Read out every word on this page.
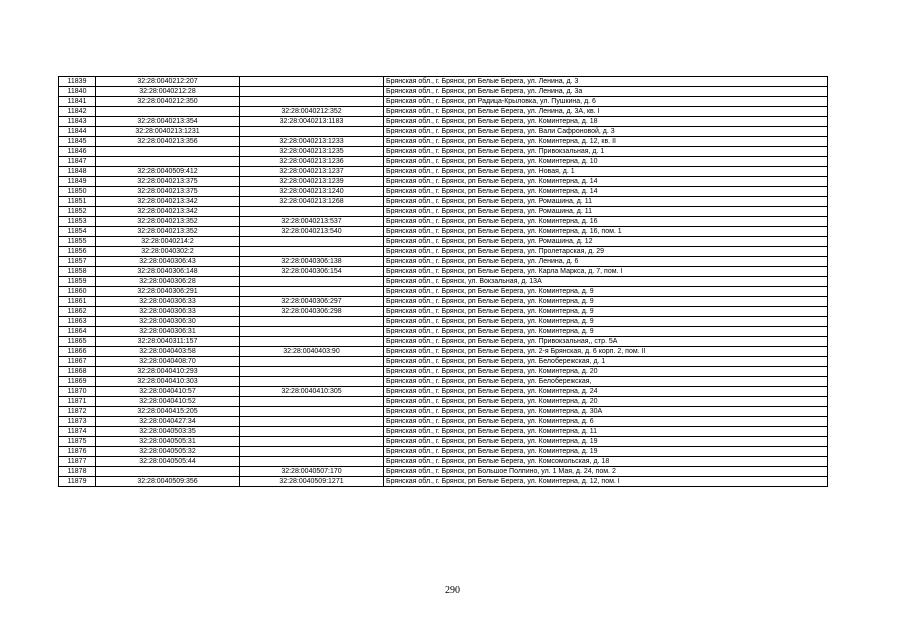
11839	32:28:0040212:207		Брянская обл., г. Брянск, рп Белые Берега, ул. Ленина, д. 3
11840	32:28:0040212:28		Брянская обл., г. Брянск, рп Белые Берега, ул. Ленина, д. 3а
11841	32:28:0040212:350		Брянская обл., г. Брянск, рп Радица-Крыловка, ул. Пушкина, д. 6
11842		32:28:0040212:352	Брянская обл., г. Брянск, рп Белые Берега, ул. Ленина, д. 3А, кв. I
11843	32:28:0040213:354	32:28:0040213:1183	Брянская обл., г. Брянск, рп Белые Берега, ул. Коминтерна, д. 18
11844	32:28:0040213:1231		Брянская обл., г. Брянск, рп Белые Берега, ул. Вали Сафроновой, д. 3
11845	32:28:0040213:356	32:28:0040213:1233	Брянская обл., г. Брянск, рп Белые Берега, ул. Коминтерна, д. 12, кв. II
11846		32:28:0040213:1235	Брянская обл., г. Брянск, рп Белые Берега, ул. Привокзальная, д. 1
11847		32:28:0040213:1236	Брянская обл., г. Брянск, рп Белые Берега, ул. Коминтерна, д. 10
11848	32:28:0040509:412	32:28:0040213:1237	Брянская обл., г. Брянск, рп Белые Берега, ул. Новая, д. 1
11849	32:28:0040213:375	32:28:0040213:1239	Брянская обл., г. Брянск, рп Белые Берега, ул. Коминтерна, д. 14
11850	32:28:0040213:375	32:28:0040213:1240	Брянская обл., г. Брянск, рп Белые Берега, ул. Коминтерна, д. 14
11851	32:28:0040213:342	32:28:0040213:1268	Брянская обл., г. Брянск, рп Белые Берега, ул. Ромашина, д. 11
11852	32:28:0040213:342		Брянская обл., г. Брянск, рп Белые Берега, ул. Ромашина, д. 11
11853	32:28:0040213:352	32:28:0040213:537	Брянская обл., г. Брянск, рп Белые Берега, ул. Коминтерна, д. 16
11854	32:28:0040213:352	32:28:0040213:540	Брянская обл., г. Брянск, рп Белые Берега, ул. Коминтерна, д. 16, пом. 1
11855	32:28:0040214:2		Брянская обл., г. Брянск, рп Белые Берега, ул. Ромашина, д. 12
11856	32:28:0040302:2		Брянская обл., г. Брянск, рп Белые Берега, ул. Пролетарская, д. 29
11857	32:28:0040306:43	32:28:0040306:138	Брянская обл., г. Брянск, рп Белые Берега, ул. Ленина, д. 6
11858	32:28:0040306:148	32:28:0040306:154	Брянская обл., г. Брянск, рп Белые Берега, ул. Карла Маркса, д. 7, пом. I
11859	32:28:0040306:28		Брянская обл., г. Брянск, ул. Вокзальная, д. 13А
11860	32:28:0040306:291		Брянская обл., г. Брянск, рп Белые Берега, ул. Коминтерна, д. 9
11861	32:28:0040306:33	32:28:0040306:297	Брянская обл., г. Брянск, рп Белые Берега, ул. Коминтерна, д. 9
11862	32:28:0040306:33	32:28:0040306:298	Брянская обл., г. Брянск, рп Белые Берега, ул. Коминтерна, д. 9
11863	32:28:0040306:30		Брянская обл., г. Брянск, рп Белые Берега, ул. Коминтерна, д. 9
11864	32:28:0040306:31		Брянская обл., г. Брянск, рп Белые Берега, ул. Коминтерна, д. 9
11865	32:28:0040311:157		Брянская обл., г. Брянск, рп Белые Берега, ул. Привокзальная,, стр. 5А
11866	32:28:0040403:58	32:28:0040403:90	Брянская обл., г. Брянск, рп Белые Берега, ул. 2-я Брянская, д. 6 корп. 2, пом. II
11867	32:28:0040408:70		Брянская обл., г. Брянск, рп Белые Берега, ул. Белобережская, д. 1
11868	32:28:0040410:293		Брянская обл., г. Брянск, рп Белые Берега, ул. Коминтерна, д. 20
11869	32:28:0040410:303		Брянская обл., г. Брянск, рп Белые Берега, ул. Белобережская,
11870	32:28:0040410:57	32:28:0040410:305	Брянская обл., г. Брянск, рп Белые Берега, ул. Коминтерна, д. 24
11871	32:28:0040410:52		Брянская обл., г. Брянск, рп Белые Берега, ул. Коминтерна, д. 20
11872	32:28:0040415:205		Брянская обл., г. Брянск, рп Белые Берега, ул. Коминтерна, д. 30А
11873	32:28:0040427:34		Брянская обл., г. Брянск, рп Белые Берега, ул. Коминтерна, д. 6
11874	32:28:0040503:35		Брянская обл., г. Брянск, рп Белые Берега, ул. Коминтерна, д. 11
11875	32:28:0040505:31		Брянская обл., г. Брянск, рп Белые Берега, ул. Коминтерна, д. 19
11876	32:28:0040505:32		Брянская обл., г. Брянск, рп Белые Берега, ул. Коминтерна, д. 19
11877	32:28:0040505:44		Брянская обл., г. Брянск, рп Белые Берега, ул. Комсомольская, д. 18
11878		32:28:0040507:170	Брянская обл., г. Брянск, рп Большое Полпино, ул. 1 Мая, д. 24, пом. 2
11879	32:28:0040509:356	32:28:0040509:1271	Брянская обл., г. Брянск, рп Белые Берега, ул. Коминтерна, д. 12, пом. I
290
